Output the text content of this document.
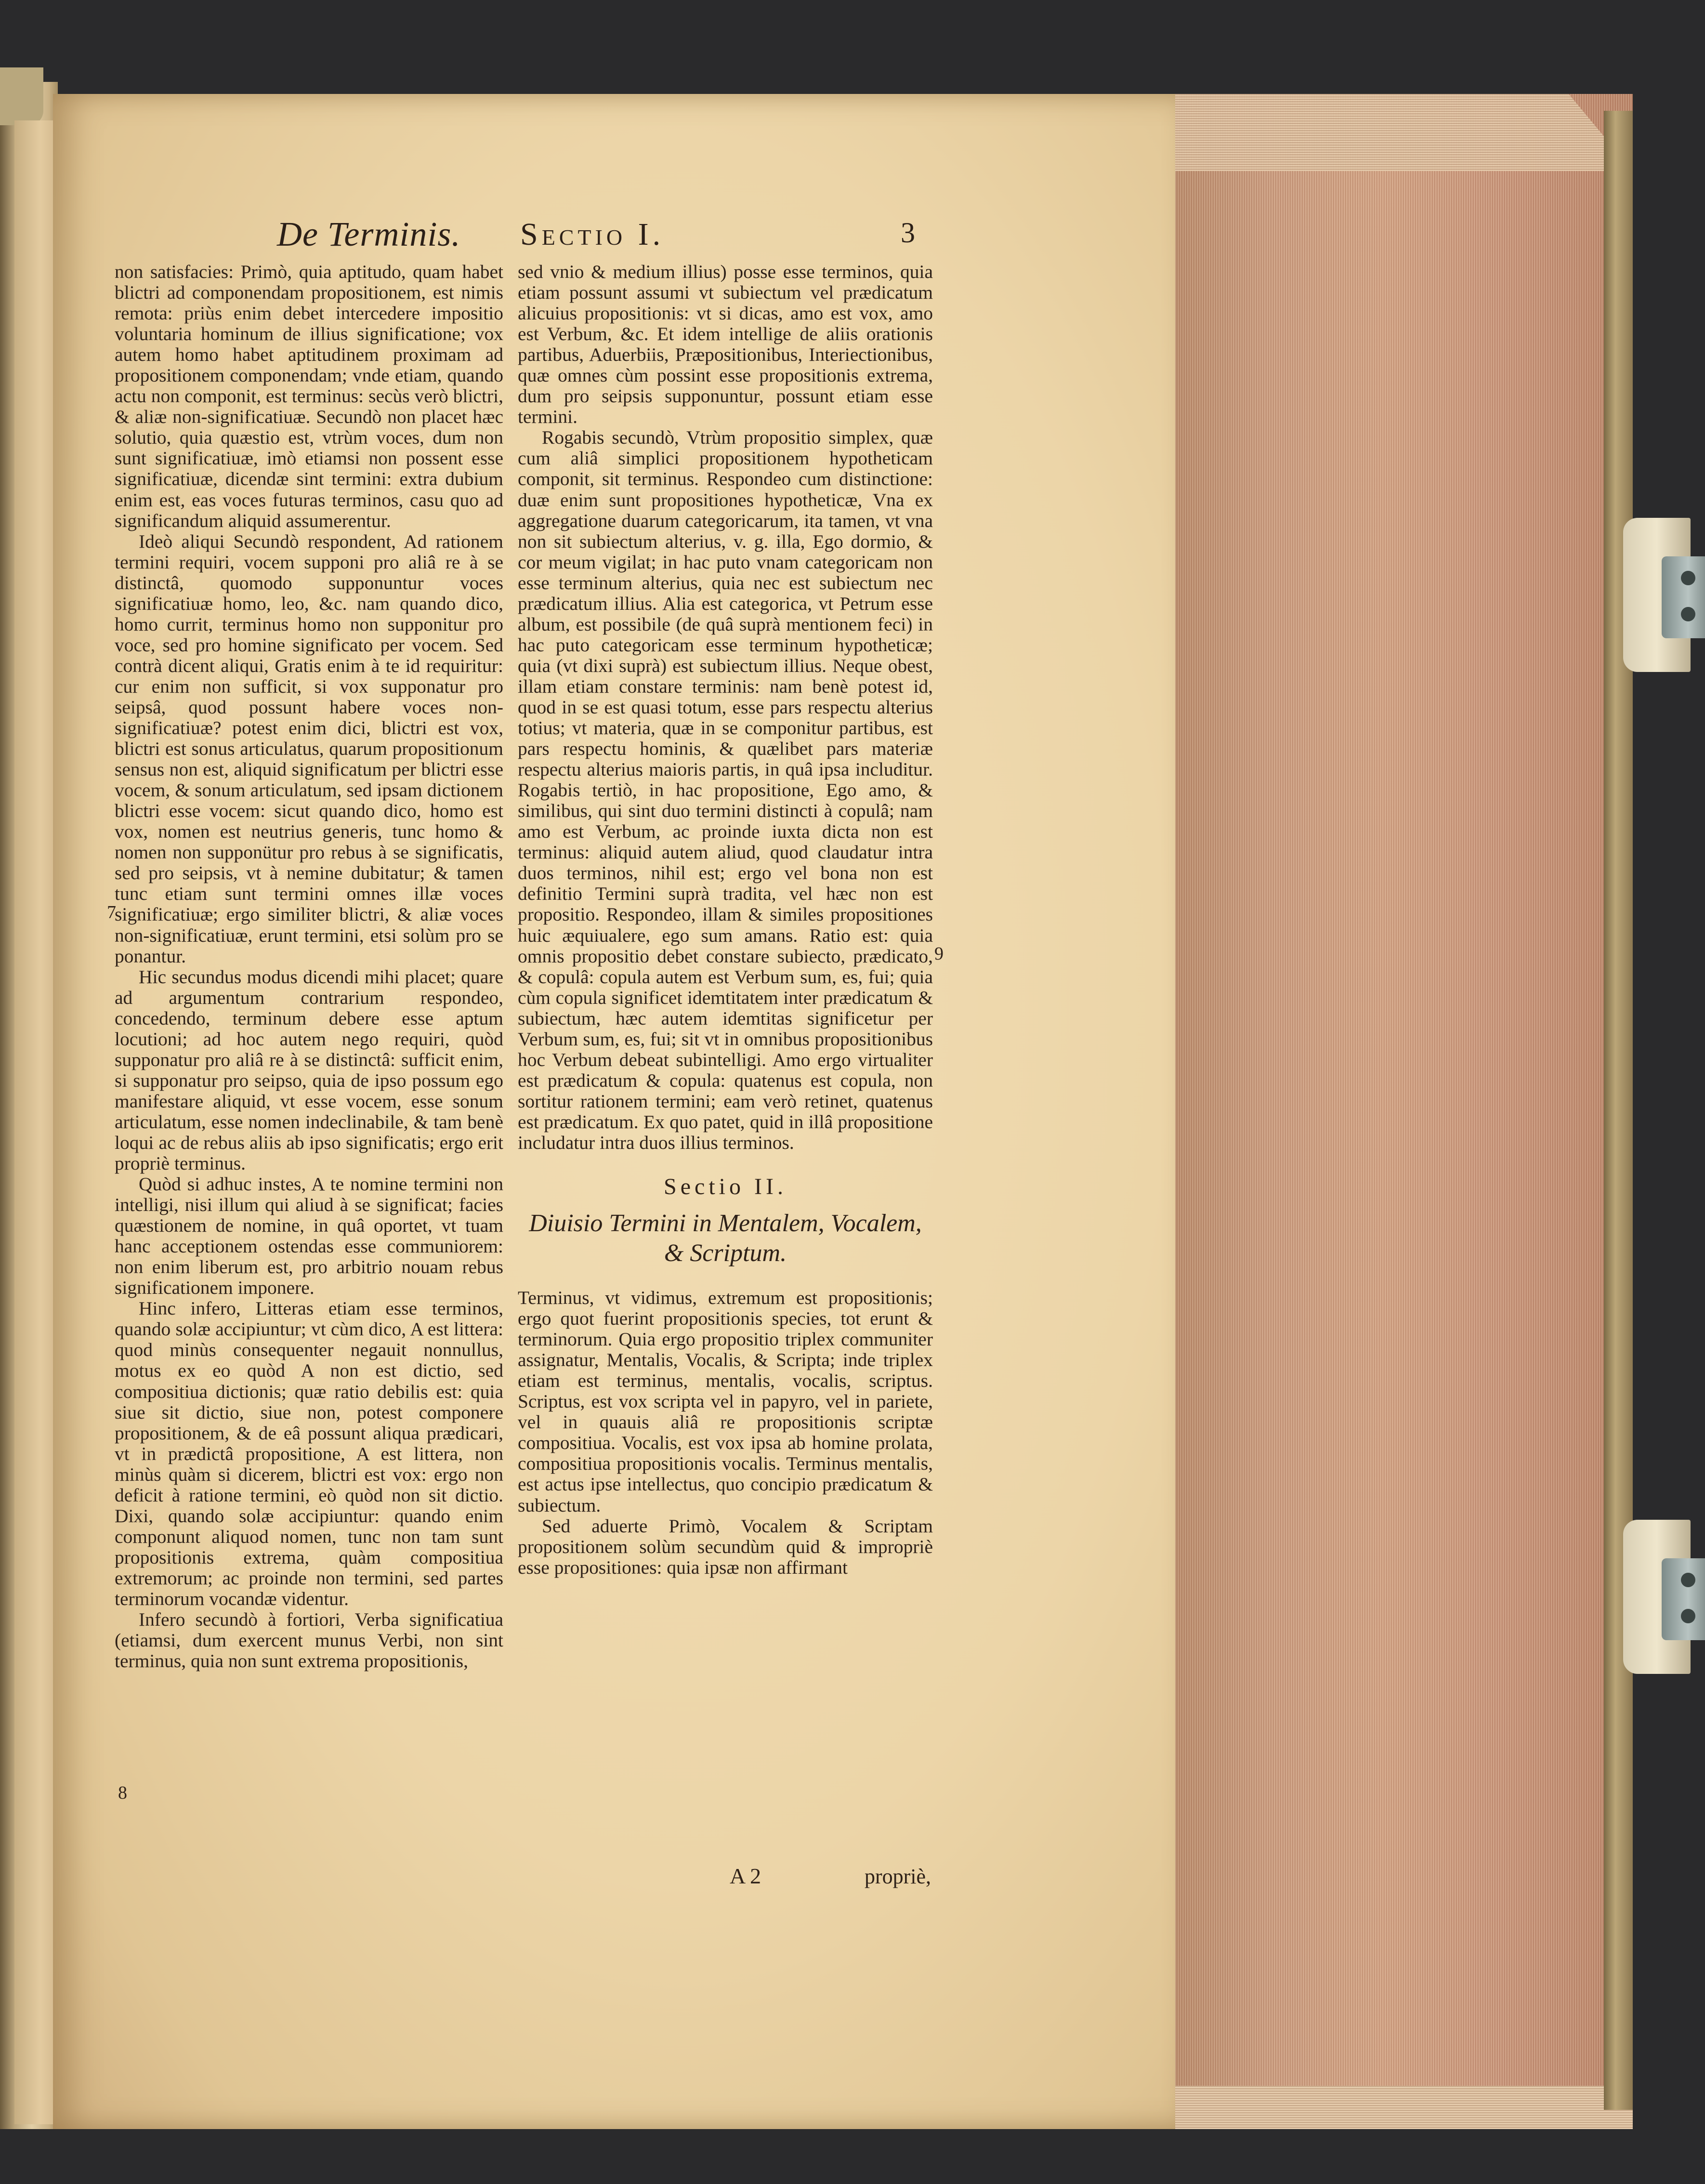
De Terminis. Sectio I.	3

non satisfacies: Primò, quia aptitudo, quam habet blictri ad componendam propositionem, est nimis remota: priùs enim debet intercedere impositio voluntaria hominum de illius significatione; vox autem homo habet aptitudinem proximam ad propositionem componendam; vnde etiam, quando actu non componit, est terminus: secùs verò blictri, & aliæ non-significatiuæ. Secundò non placet hæc solutio, quia quæstio est, vtrùm voces, dum non sunt significatiuæ, imò etiamsi non possent esse significatiuæ, dicendæ sint termini: extra dubium enim est, eas voces futuras terminos, casu quo ad significandum aliquid assumerentur.

Ideò aliqui Secundò respondent, Ad rationem termini requiri, vocem supponi pro aliâ re à se distinctâ, quomodo supponuntur voces significatiuæ homo, leo, &c. nam quando dico, homo currit, terminus homo non supponitur pro voce, sed pro homine significato per vocem. Sed contrà dicent aliqui, Gratis enim à te id requiritur: cur enim non sufficit, si vox supponatur pro seipsâ, quod possunt habere voces non-significatiuæ? potest enim dici, blictri est vox, blictri est sonus articulatus, quarum propositionum sensus non est, aliquid significatum per blictri esse vocem, & sonum articulatum, sed ipsam dictionem blictri esse vocem: sicut quando dico, homo est vox, nomen est neutrius generis, tunc homo & nomen non supponütur pro rebus à se significatis, sed pro seipsis, vt à nemine dubitatur; & tamen tunc etiam sunt termini omnes illæ voces significatiuæ; ergo similiter blictri, & aliæ voces non-significatiuæ, erunt termini, etsi solùm pro se ponantur.

Hic secundus modus dicendi mihi placet; quare ad argumentum contrarium respondeo, concedendo, terminum debere esse aptum locutioni; ad hoc autem nego requiri, quòd supponatur pro aliâ re à se distinctâ: sufficit enim, si supponatur pro seipso, quia de ipso possum ego manifestare aliquid, vt esse vocem, esse sonum articulatum, esse nomen indeclinabile, & tam benè loqui ac de rebus aliis ab ipso significatis; ergo erit propriè terminus.

Quòd si adhuc instes, A te nomine termini non intelligi, nisi illum qui aliud à se significat; facies quæstionem de nomine, in quâ oportet, vt tuam hanc acceptionem ostendas esse communiorem: non enim liberum est, pro arbitrio nouam rebus significationem imponere.

Hinc infero, Litteras etiam esse terminos, quando solæ accipiuntur; vt cùm dico, A est littera: quod minùs consequenter negauit nonnullus, motus ex eo quòd A non est dictio, sed compositiua dictionis; quæ ratio debilis est: quia siue sit dictio, siue non, potest componere propositionem, & de eâ possunt aliqua prædicari, vt in prædictâ propositione, A est littera, non minùs quàm si dicerem, blictri est vox: ergo non deficit à ratione termini, eò quòd non sit dictio. Dixi, quando solæ accipiuntur: quando enim componunt aliquod nomen, tunc non tam sunt propositionis extrema, quàm compositiua extremorum; ac proinde non termini, sed partes terminorum vocandæ videntur.

Infero secundò à fortiori, Verba significatiua (etiamsi, dum exercent munus Verbi, non sint terminus, quia non sunt extrema propositionis,

7
8
9

sed vnio & medium illius) posse esse terminos, quia etiam possunt assumi vt subiectum vel prædicatum alicuius propositionis: vt si dicas, amo est vox, amo est Verbum, &c. Et idem intellige de aliis orationis partibus, Aduerbiis, Præpositionibus, Interiectionibus, quæ omnes cùm possint esse propositionis extrema, dum pro seipsis supponuntur, possunt etiam esse termini.

Rogabis secundò, Vtrùm propositio simplex, quæ cum aliâ simplici propositionem hypotheticam componit, sit terminus. Respondeo cum distinctione: duæ enim sunt propositiones hypotheticæ, Vna ex aggregatione duarum categoricarum, ita tamen, vt vna non sit subiectum alterius, v. g. illa, Ego dormio, & cor meum vigilat; in hac puto vnam categoricam non esse terminum alterius, quia nec est subiectum nec prædicatum illius. Alia est categorica, vt Petrum esse album, est possibile (de quâ suprà mentionem feci) in hac puto categoricam esse terminum hypotheticæ; quia (vt dixi suprà) est subiectum illius. Neque obest, illam etiam constare terminis: nam benè potest id, quod in se est quasi totum, esse pars respectu alterius totius; vt materia, quæ in se componitur partibus, est pars respectu hominis, & quælibet pars materiæ respectu alterius maioris partis, in quâ ipsa includitur. Rogabis tertiò, in hac propositione, Ego amo, & similibus, qui sint duo termini distincti à copulâ; nam amo est Verbum, ac proinde iuxta dicta non est terminus: aliquid autem aliud, quod claudatur intra duos terminos, nihil est; ergo vel bona non est definitio Termini suprà tradita, vel hæc non est propositio. Respondeo, illam & similes propositiones huic æquiualere, ego sum amans. Ratio est: quia omnis propositio debet constare subiecto, prædicato, & copulâ: copula autem est Verbum sum, es, fui; quia cùm copula significet idemtitatem inter prædicatum & subiectum, hæc autem idemtitas significetur per Verbum sum, es, fui; sit vt in omnibus propositionibus hoc Verbum debeat subintelligi. Amo ergo virtualiter est prædicatum & copula: quatenus est copula, non sortitur rationem termini; eam verò retinet, quatenus est prædicatum. Ex quo patet, quid in illâ propositione includatur intra duos illius terminos.

Sectio II.
Diuisio Termini in Mentalem, Vocalem, & Scriptum.

Terminus, vt vidimus, extremum est propositionis; ergo quot fuerint propositionis species, tot erunt & terminorum. Quia ergo propositio triplex communiter assignatur, Mentalis, Vocalis, & Scripta; inde triplex etiam est terminus, mentalis, vocalis, scriptus. Scriptus, est vox scripta vel in papyro, vel in pariete, vel in quauis aliâ re propositionis scriptæ compositiua. Vocalis, est vox ipsa ab homine prolata, compositiua propositionis vocalis. Terminus mentalis, est actus ipse intellectus, quo concipio prædicatum & subiectum.

Sed aduerte Primò, Vocalem & Scriptam propositionem solùm secundùm quid & impropriè esse propositiones: quia ipsæ non affirmant

A 2	propriè,
